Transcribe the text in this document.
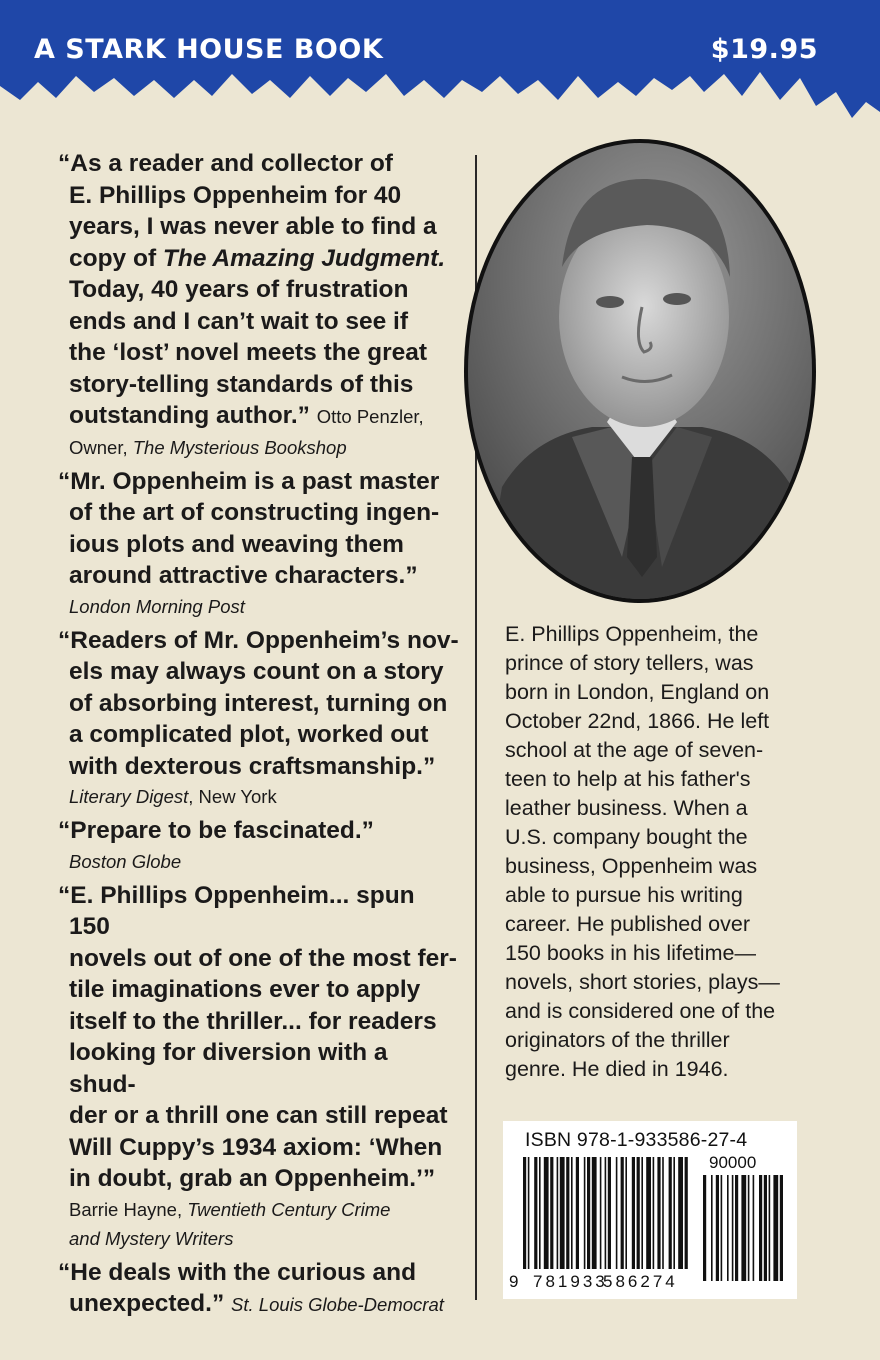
A STARK HOUSE BOOK	$19.95

“As a reader and collector of
E. Phillips Oppenheim for 40
years, I was never able to find a
copy of The Amazing Judgment.
Today, 40 years of frustration
ends and I can’t wait to see if
the ‘lost’ novel meets the great
story-telling standards of this
outstanding author.” Otto Penzler,

Owner, The Mysterious Bookshop

“Mr. Oppenheim is a past master
of the art of constructing ingen-
ious plots and weaving them
around attractive characters.”

London Morning Post

“Readers of Mr. Oppenheim’s nov-
els may always count on a story
of absorbing interest, turning on
a complicated plot, worked out
with dexterous craftsmanship.”

Literary Digest, New York

“Prepare to be fascinated.”

Boston Globe

“E. Phillips Oppenheim... spun 150
novels out of one of the most fer-
tile imaginations ever to apply
itself to the thriller... for readers
looking for diversion with a shud-
der or a thrill one can still repeat
Will Cuppy’s 1934 axiom: ‘When
in doubt, grab an Oppenheim.’”

Barrie Hayne, Twentieth Century Crime
and Mystery Writers

“He deals with the curious and
unexpected.” St. Louis Globe-Democrat

E. Phillips Oppenheim, the
prince of story tellers, was
born in London, England on
October 22nd, 1866. He left
school at the age of seven-
teen to help at his father's
leather business. When a
U.S. company bought the
business, Oppenheim was
able to pursue his writing
career. He published over
150 books in his lifetime—
novels, short stories, plays—
and is considered one of the
originators of the thriller
genre. He died in 1946.
ISBN 978-1-933586-27-4
90000
9 781933
586274
